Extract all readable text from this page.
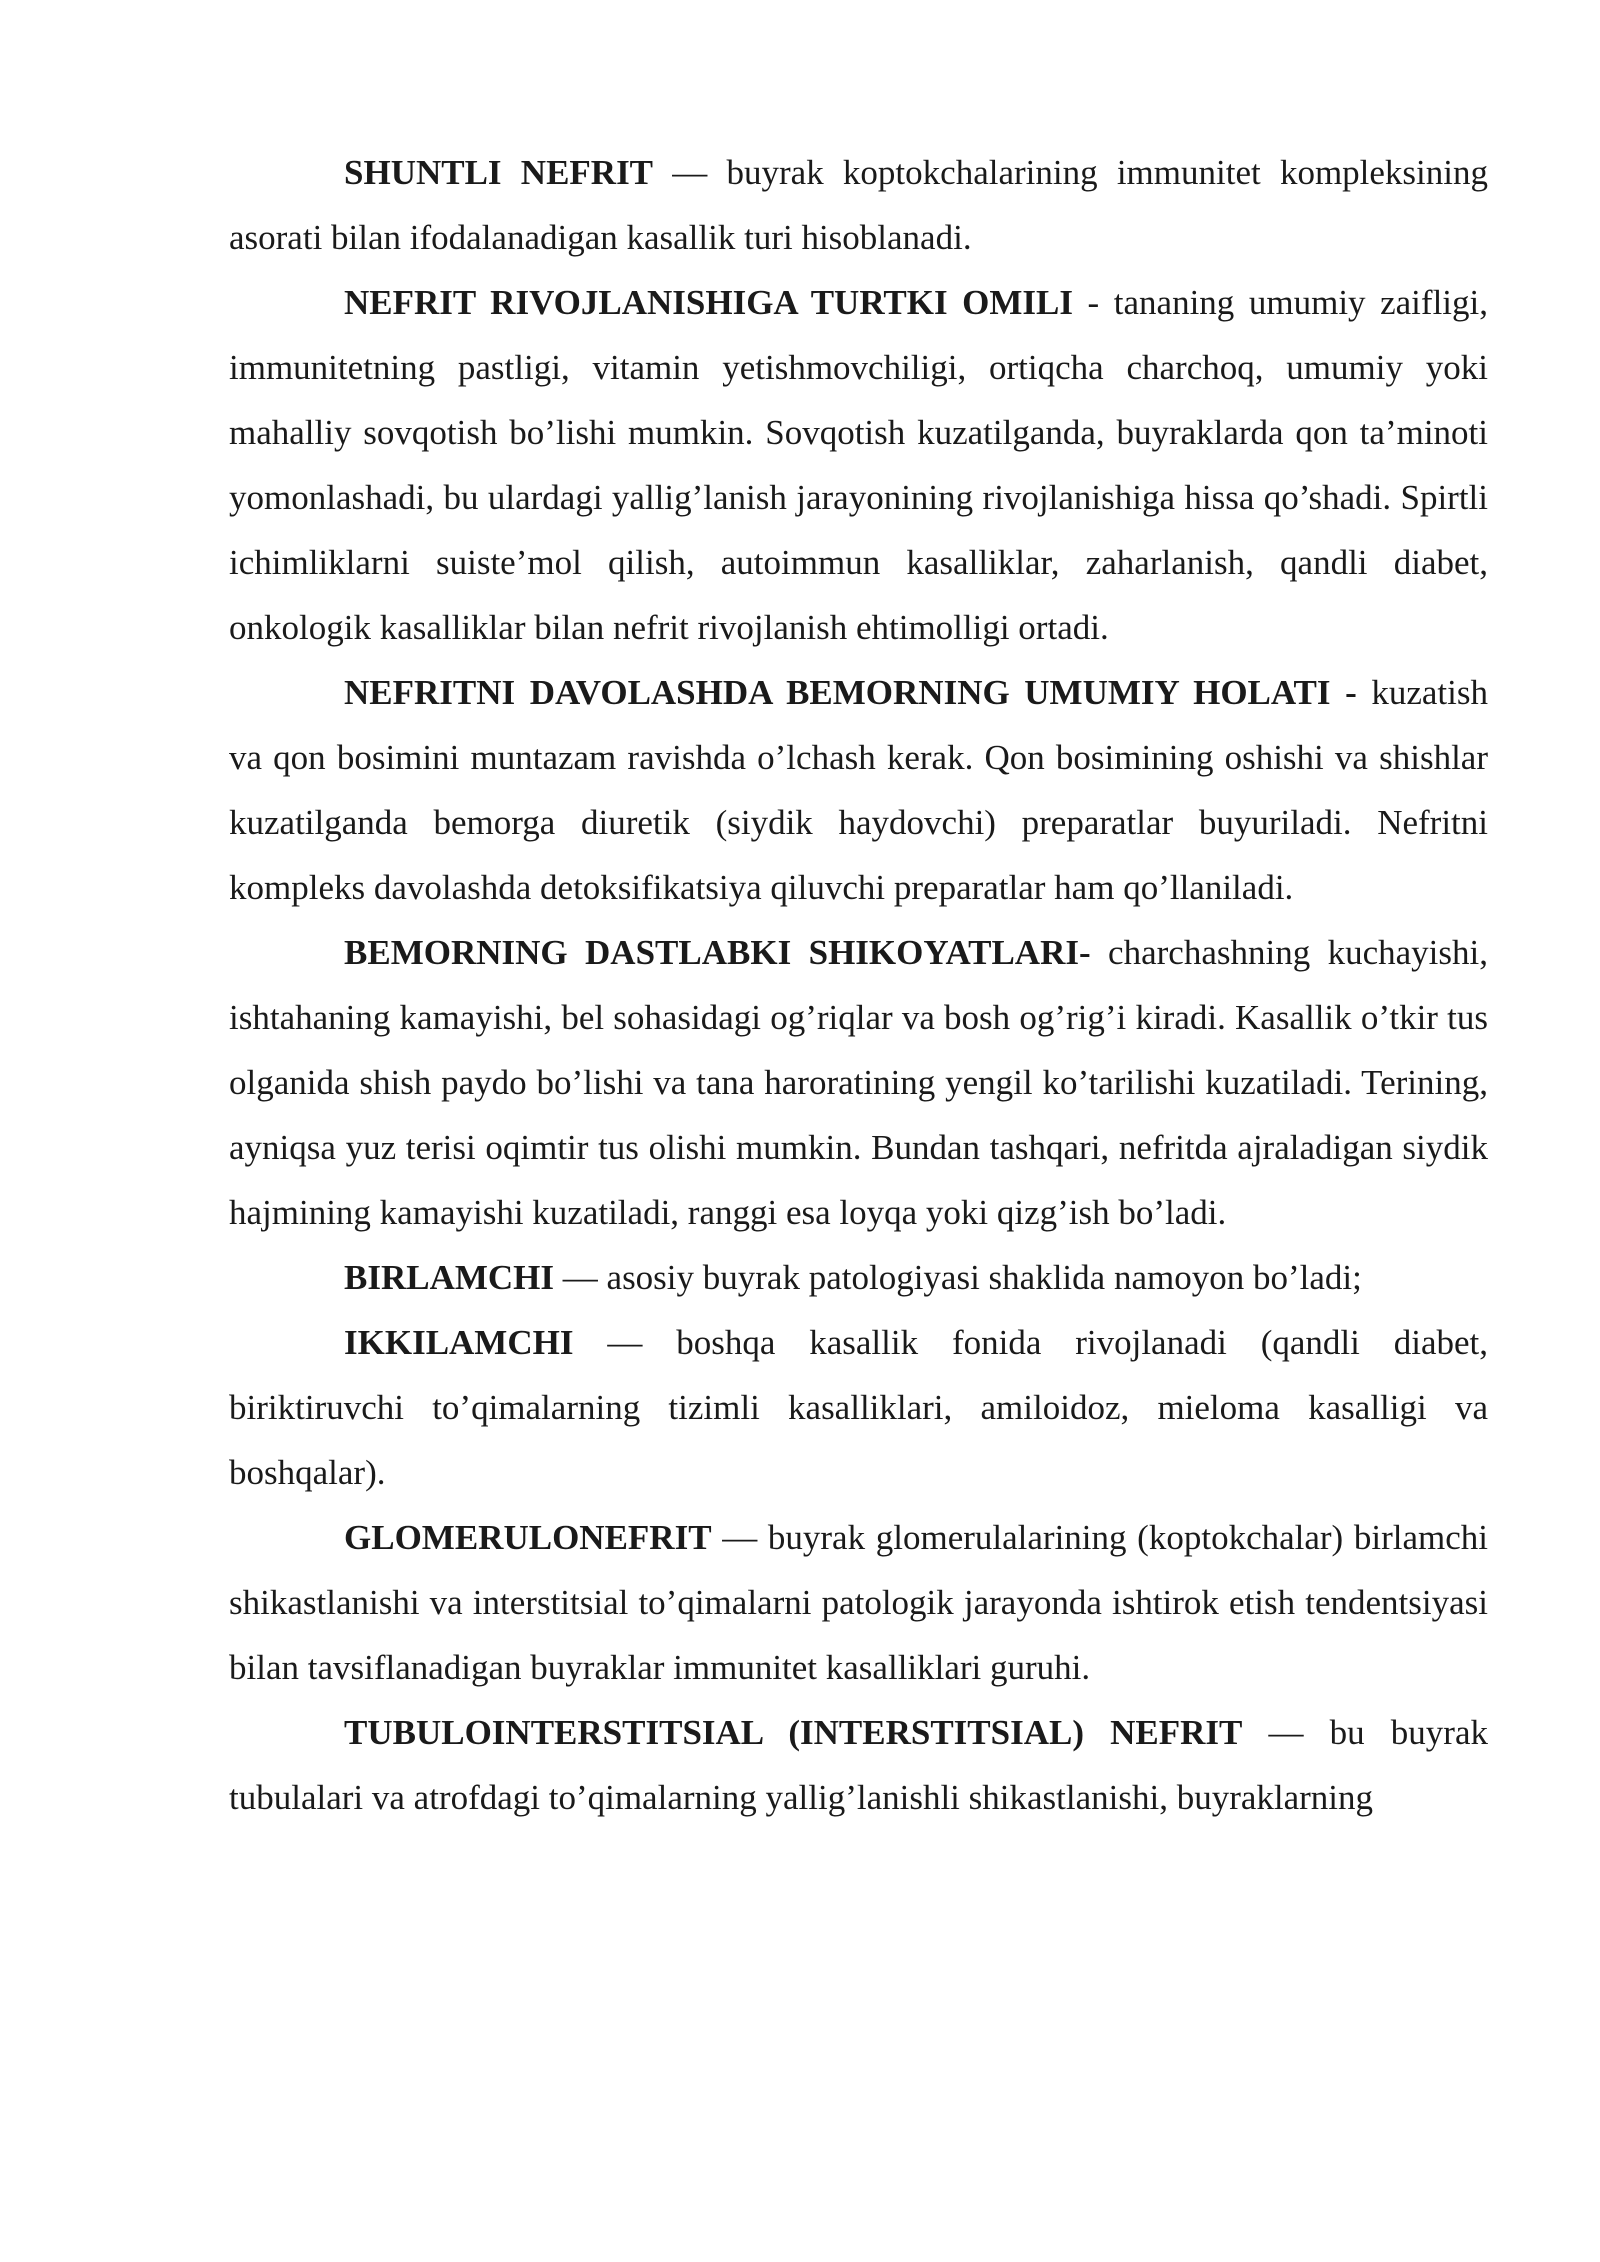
SHUNTLI NEFRIT — buyrak koptokchalarining immunitet kompleksining asorati bilan ifodalanadigan kasallik turi hisoblanadi.

NEFRIT RIVOJLANISHIGA TURTKI OMILI - tananing umumiy zaifligi, immunitetning pastligi, vitamin yetishmovchiligi, ortiqcha charchoq, umumiy yoki mahalliy sovqotish bo’lishi mumkin. Sovqotish kuzatilganda, buyraklarda qon ta’minoti yomonlashadi, bu ulardagi yallig’lanish jarayonining rivojlanishiga hissa qo’shadi. Spirtli ichimliklarni suiste’mol qilish, autoimmun kasalliklar, zaharlanish, qandli diabet, onkologik kasalliklar bilan nefrit rivojlanish ehtimolligi ortadi.

NEFRITNI DAVOLASHDA BEMORNING UMUMIY HOLATI - kuzatish va qon bosimini muntazam ravishda o’lchash kerak. Qon bosimining oshishi va shishlar kuzatilganda bemorga diuretik (siydik haydovchi) preparatlar buyuriladi. Nefritni kompleks davolashda detoksifikatsiya qiluvchi preparatlar ham qo’llaniladi.

BEMORNING DASTLABKI SHIKOYATLARI- charchashning kuchayishi, ishtahaning kamayishi, bel sohasidagi og’riqlar va bosh og’rig’i kiradi. Kasallik o’tkir tus olganida shish paydo bo’lishi va tana haroratining yengil ko’tarilishi kuzatiladi. Terining, ayniqsa yuz terisi oqimtir tus olishi mumkin. Bundan tashqari, nefritda ajraladigan siydik hajmining kamayishi kuzatiladi, ranggi esa loyqa yoki qizg’ish bo’ladi.

BIRLAMCHI — asosiy buyrak patologiyasi shaklida namoyon bo’ladi;

IKKILAMCHI — boshqa kasallik fonida rivojlanadi (qandli diabet, biriktiruvchi to’qimalarning tizimli kasalliklari, amiloidoz, mieloma kasalligi va boshqalar).

GLOMERULONEFRIT — buyrak glomerulalarining (koptokchalar) birlamchi shikastlanishi va interstitsial to’qimalarni patologik jarayonda ishtirok etish tendentsiyasi bilan tavsiflanadigan buyraklar immunitet kasalliklari guruhi.

TUBULOINTERSTITSIAL (INTERSTITSIAL) NEFRIT — bu buyrak tubulalari va atrofdagi to’qimalarning yallig’lanishli shikastlanishi, buyraklarning
